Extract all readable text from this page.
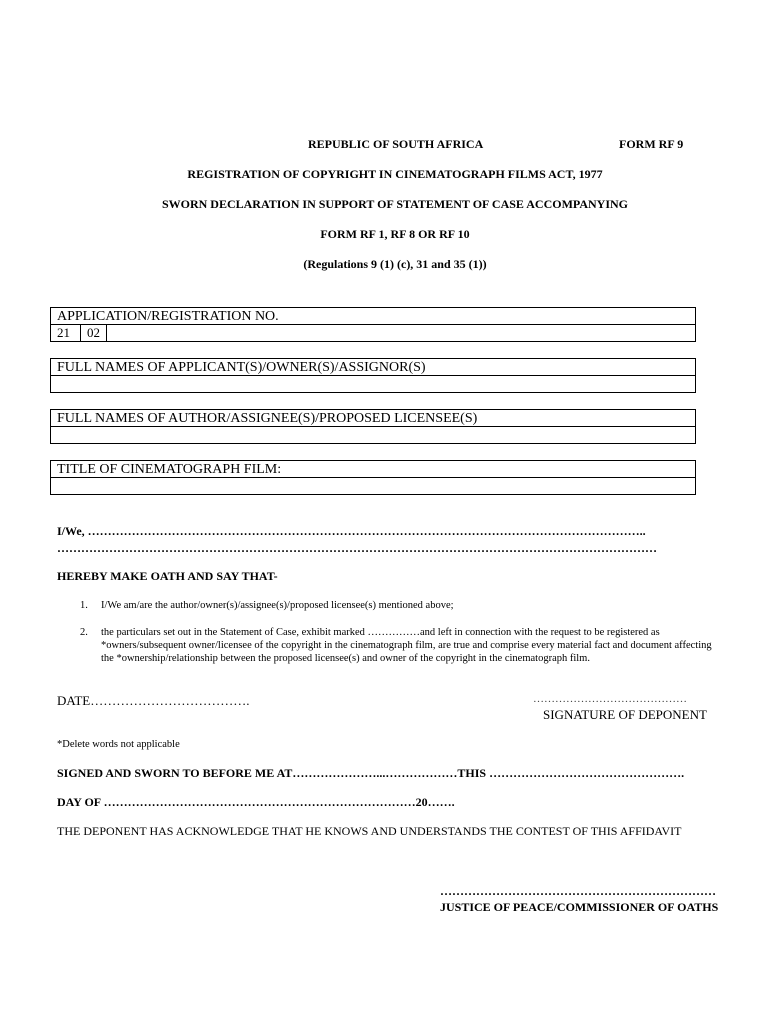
REPUBLIC OF SOUTH AFRICA	FORM RF 9
REGISTRATION OF COPYRIGHT IN CINEMATOGRAPH FILMS ACT, 1977
SWORN DECLARATION IN SUPPORT OF STATEMENT OF CASE ACCOMPANYING
FORM RF 1, RF 8 OR RF 10
(Regulations 9 (1) (c), 31 and 35 (1))
APPLICATION/REGISTRATION NO.
21 02
FULL NAMES OF APPLICANT(S)/OWNER(S)/ASSIGNOR(S)
FULL NAMES OF AUTHOR/ASSIGNEE(S)/PROPOSED LICENSEE(S)
TITLE OF CINEMATOGRAPH FILM:
I/We, …………………………………………………………………………………………………………………………..
……………………………………………………………………………………………………………………………………
HEREBY MAKE OATH AND SAY THAT-
1. I/We am/are the author/owner(s)/assignee(s)/proposed licensee(s) mentioned above;
2. the particulars set out in the Statement of Case, exhibit marked ……………and left in connection with the request to be registered as *owners/subsequent owner/licensee of the copyright in the cinematograph film, are true and comprise every material fact and document affecting the *ownership/relationship between the proposed licensee(s) and owner of the copyright in the cinematograph film.
DATE……………………………….	……………………………………
SIGNATURE OF DEPONENT
*Delete words not applicable
SIGNED AND SWORN TO BEFORE ME AT…………………...………………THIS ………………………………………….
DAY OF ……………………………………………………………………20…….
THE DEPONENT HAS ACKNOWLEDGE THAT HE KNOWS AND UNDERSTANDS THE CONTEST OF THIS AFFIDAVIT
……………………………………………………………
JUSTICE OF PEACE/COMMISSIONER OF OATHS
